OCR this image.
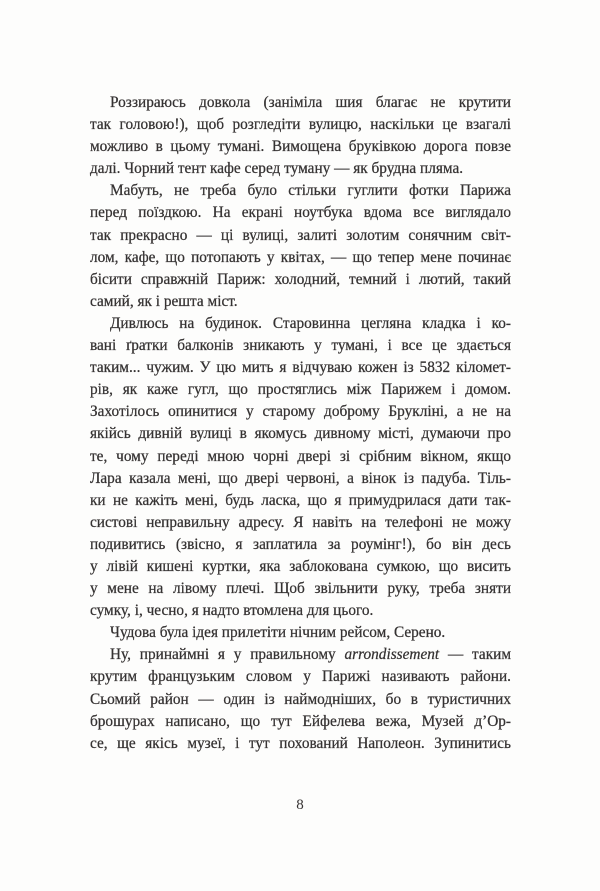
Роззираюсь довкола (заніміла шия благає не крутити
так головою!), щоб розгледіти вулицю, наскільки це взагалі
можливо в цьому тумані. Вимощена бруківкою дорога повзе
далі. Чорний тент кафе серед туману — як брудна пляма.
Мабуть, не треба було стільки гуглити фотки Парижа
перед поїздкою. На екрані ноутбука вдома все виглядало
так прекрасно — ці вулиці, залиті золотим сонячним світ-
лом, кафе, що потопають у квітах, — що тепер мене починає
бісити справжній Париж: холодний, темний і лютий, такий
самий, як і решта міст.
Дивлюсь на будинок. Старовинна цегляна кладка і ко-
вані ґратки балконів зникають у тумані, і все це здається
таким... чужим. У цю мить я відчуваю кожен із 5832 кіломет-
рів, як каже гугл, що простяглись між Парижем і домом.
Захотілось опинитися у старому доброму Брукліні, а не на
якійсь дивній вулиці в якомусь дивному місті, думаючи про
те, чому переді мною чорні двері зі срібним вікном, якщо
Лара казала мені, що двері червоні, а вінок із падуба. Тіль-
ки не кажіть мені, будь ласка, що я примудрилася дати так-
систові неправильну адресу. Я навіть на телефоні не можу
подивитись (звісно, я заплатила за роумінг!), бо він десь
у лівій кишені куртки, яка заблокована сумкою, що висить
у мене на лівому плечі. Щоб звільнити руку, треба зняти
сумку, і, чесно, я надто втомлена для цього.
Чудова була ідея прилетіти нічним рейсом, Серено.
Ну, принаймні я у правильному arrondissement — таким
крутим французьким словом у Парижі називають райони.
Сьомий район — один із наймодніших, бо в туристичних
брошурах написано, що тут Ейфелева вежа, Музей д’Ор-
се, ще якісь музеї, і тут похований Наполеон. Зупинитись
8
